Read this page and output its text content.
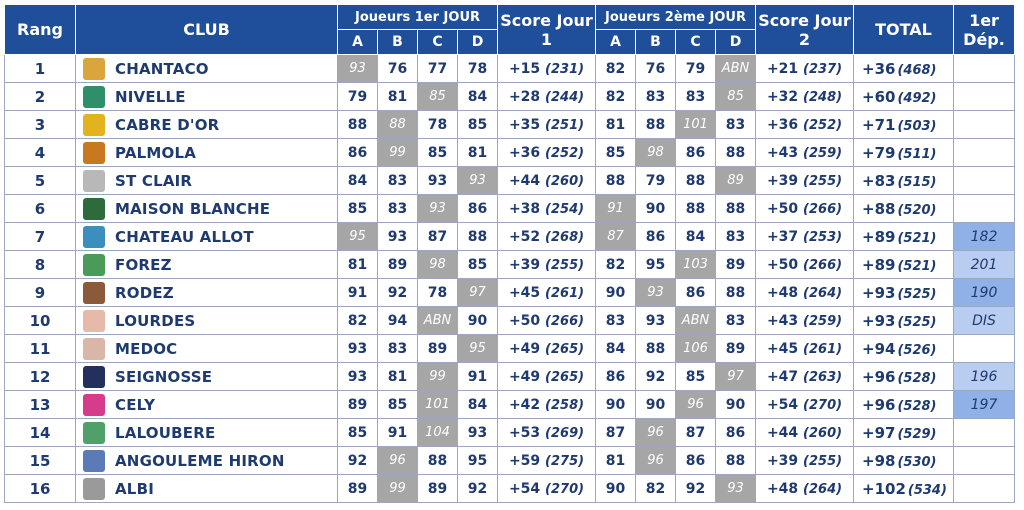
Rang	CLUB	Joueurs 1er JOUR				Score Jour 1	Joueurs 2ème JOUR				Score Jour 2	TOTAL	1er Dép.
		A	B	C	D		A	B	C	D			
1	CHANTACO	93	76	77	78	+15 (231)	82	76	79	ABN	+21 (237)	+36 (468)	
2	NIVELLE	79	81	85	84	+28 (244)	82	83	83	85	+32 (248)	+60 (492)	
3	CABRE D'OR	88	88	78	85	+35 (251)	81	88	101	83	+36 (252)	+71 (503)	
4	PALMOLA	86	99	85	81	+36 (252)	85	98	86	88	+43 (259)	+79 (511)	
5	ST CLAIR	84	83	93	93	+44 (260)	88	79	88	89	+39 (255)	+83 (515)	
6	MAISON BLANCHE	85	83	93	86	+38 (254)	91	90	88	88	+50 (266)	+88 (520)	
7	CHATEAU ALLOT	95	93	87	88	+52 (268)	87	86	84	83	+37 (253)	+89 (521)	182
8	FOREZ	81	89	98	85	+39 (255)	82	95	103	89	+50 (266)	+89 (521)	201
9	RODEZ	91	92	78	97	+45 (261)	90	93	86	88	+48 (264)	+93 (525)	190
10	LOURDES	82	94	ABN	90	+50 (266)	83	93	ABN	83	+43 (259)	+93 (525)	DIS
11	MEDOC	93	83	89	95	+49 (265)	84	88	106	89	+45 (261)	+94 (526)	
12	SEIGNOSSE	93	81	99	91	+49 (265)	86	92	85	97	+47 (263)	+96 (528)	196
13	CELY	89	85	101	84	+42 (258)	90	90	96	90	+54 (270)	+96 (528)	197
14	LALOUBERE	85	91	104	93	+53 (269)	87	96	87	86	+44 (260)	+97 (529)	
15	ANGOULEME HIRON	92	96	88	95	+59 (275)	81	96	86	88	+39 (255)	+98 (530)	
16	ALBI	89	99	89	92	+54 (270)	90	82	92	93	+48 (264)	+102 (534)	
